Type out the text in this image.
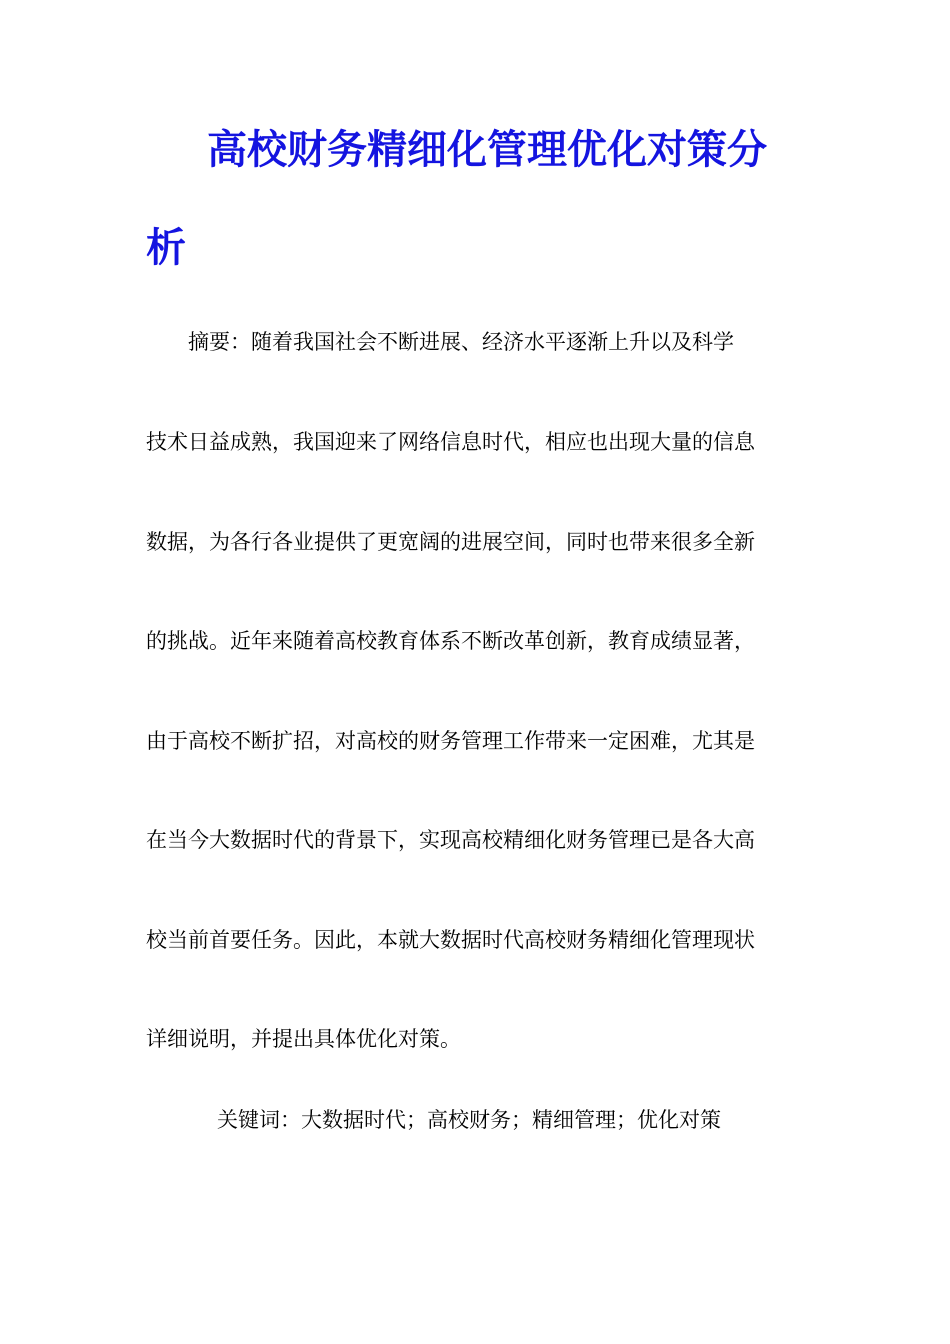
高校财务精细化管理优化对策分
析

　　摘要：随着我国社会不断进展、经济水平逐渐上升以及科学

技术日益成熟，我国迎来了网络信息时代，相应也出现大量的信息

数据，为各行各业提供了更宽阔的进展空间，同时也带来很多全新

的挑战。近年来随着高校教育体系不断改革创新，教育成绩显著，

由于高校不断扩招，对高校的财务管理工作带来一定困难，尤其是

在当今大数据时代的背景下，实现高校精细化财务管理已是各大高

校当前首要任务。因此，本就大数据时代高校财务精细化管理现状

详细说明，并提出具体优化对策。

关键词：大数据时代；高校财务；精细管理；优化对策
